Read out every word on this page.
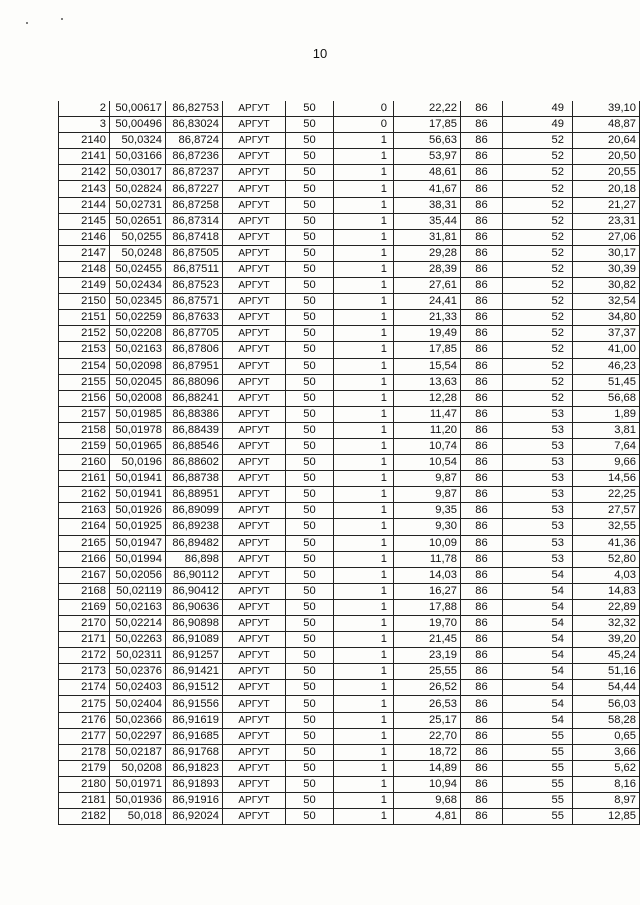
10
2	50,00617	86,82753	АРГУТ	50	0	22,22	86	49	39,10
3	50,00496	86,83024	АРГУТ	50	0	17,85	86	49	48,87
2140	50,0324	86,8724	АРГУТ	50	1	56,63	86	52	20,64
2141	50,03166	86,87236	АРГУТ	50	1	53,97	86	52	20,50
2142	50,03017	86,87237	АРГУТ	50	1	48,61	86	52	20,55
2143	50,02824	86,87227	АРГУТ	50	1	41,67	86	52	20,18
2144	50,02731	86,87258	АРГУТ	50	1	38,31	86	52	21,27
2145	50,02651	86,87314	АРГУТ	50	1	35,44	86	52	23,31
2146	50,0255	86,87418	АРГУТ	50	1	31,81	86	52	27,06
2147	50,0248	86,87505	АРГУТ	50	1	29,28	86	52	30,17
2148	50,02455	86,87511	АРГУТ	50	1	28,39	86	52	30,39
2149	50,02434	86,87523	АРГУТ	50	1	27,61	86	52	30,82
2150	50,02345	86,87571	АРГУТ	50	1	24,41	86	52	32,54
2151	50,02259	86,87633	АРГУТ	50	1	21,33	86	52	34,80
2152	50,02208	86,87705	АРГУТ	50	1	19,49	86	52	37,37
2153	50,02163	86,87806	АРГУТ	50	1	17,85	86	52	41,00
2154	50,02098	86,87951	АРГУТ	50	1	15,54	86	52	46,23
2155	50,02045	86,88096	АРГУТ	50	1	13,63	86	52	51,45
2156	50,02008	86,88241	АРГУТ	50	1	12,28	86	52	56,68
2157	50,01985	86,88386	АРГУТ	50	1	11,47	86	53	1,89
2158	50,01978	86,88439	АРГУТ	50	1	11,20	86	53	3,81
2159	50,01965	86,88546	АРГУТ	50	1	10,74	86	53	7,64
2160	50,0196	86,88602	АРГУТ	50	1	10,54	86	53	9,66
2161	50,01941	86,88738	АРГУТ	50	1	9,87	86	53	14,56
2162	50,01941	86,88951	АРГУТ	50	1	9,87	86	53	22,25
2163	50,01926	86,89099	АРГУТ	50	1	9,35	86	53	27,57
2164	50,01925	86,89238	АРГУТ	50	1	9,30	86	53	32,55
2165	50,01947	86,89482	АРГУТ	50	1	10,09	86	53	41,36
2166	50,01994	86,898	АРГУТ	50	1	11,78	86	53	52,80
2167	50,02056	86,90112	АРГУТ	50	1	14,03	86	54	4,03
2168	50,02119	86,90412	АРГУТ	50	1	16,27	86	54	14,83
2169	50,02163	86,90636	АРГУТ	50	1	17,88	86	54	22,89
2170	50,02214	86,90898	АРГУТ	50	1	19,70	86	54	32,32
2171	50,02263	86,91089	АРГУТ	50	1	21,45	86	54	39,20
2172	50,02311	86,91257	АРГУТ	50	1	23,19	86	54	45,24
2173	50,02376	86,91421	АРГУТ	50	1	25,55	86	54	51,16
2174	50,02403	86,91512	АРГУТ	50	1	26,52	86	54	54,44
2175	50,02404	86,91556	АРГУТ	50	1	26,53	86	54	56,03
2176	50,02366	86,91619	АРГУТ	50	1	25,17	86	54	58,28
2177	50,02297	86,91685	АРГУТ	50	1	22,70	86	55	0,65
2178	50,02187	86,91768	АРГУТ	50	1	18,72	86	55	3,66
2179	50,0208	86,91823	АРГУТ	50	1	14,89	86	55	5,62
2180	50,01971	86,91893	АРГУТ	50	1	10,94	86	55	8,16
2181	50,01936	86,91916	АРГУТ	50	1	9,68	86	55	8,97
2182	50,018	86,92024	АРГУТ	50	1	4,81	86	55	12,85
